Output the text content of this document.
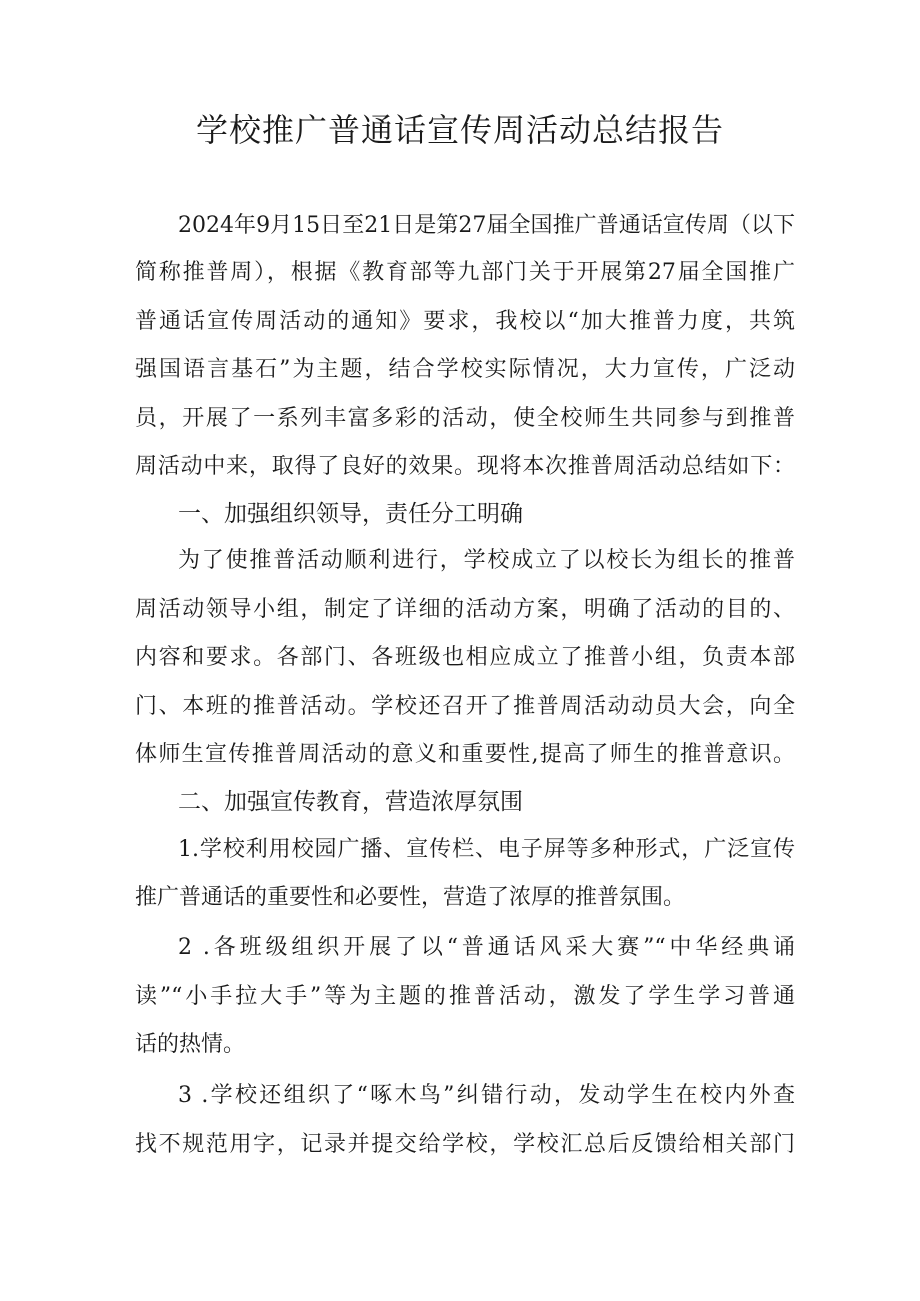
学校推广普通话宣传周活动总结报告
2024年9月15日至21日是第27届全国推广普通话宣传周（以下
简称推普周），根据《教育部等九部门关于开展第27届全国推广
普通话宣传周活动的通知》要求，我校以“加大推普力度，共筑
强国语言基石”为主题，结合学校实际情况，大力宣传，广泛动
员，开展了一系列丰富多彩的活动，使全校师生共同参与到推普
周活动中来，取得了良好的效果。现将本次推普周活动总结如下：
一、加强组织领导，责任分工明确
为了使推普活动顺利进行，学校成立了以校长为组长的推普
周活动领导小组，制定了详细的活动方案，明确了活动的目的、
内容和要求。各部门、各班级也相应成立了推普小组，负责本部
门、本班的推普活动。学校还召开了推普周活动动员大会，向全
体师生宣传推普周活动的意义和重要性,提高了师生的推普意识。
二、加强宣传教育，营造浓厚氛围
1.学校利用校园广播、宣传栏、电子屏等多种形式，广泛宣传
推广普通话的重要性和必要性，营造了浓厚的推普氛围。
2 .各班级组织开展了以“普通话风采大赛”“中华经典诵
读”“小手拉大手”等为主题的推普活动，激发了学生学习普通
话的热情。
3 .学校还组织了“啄木鸟”纠错行动，发动学生在校内外查
找不规范用字，记录并提交给学校，学校汇总后反馈给相关部门
